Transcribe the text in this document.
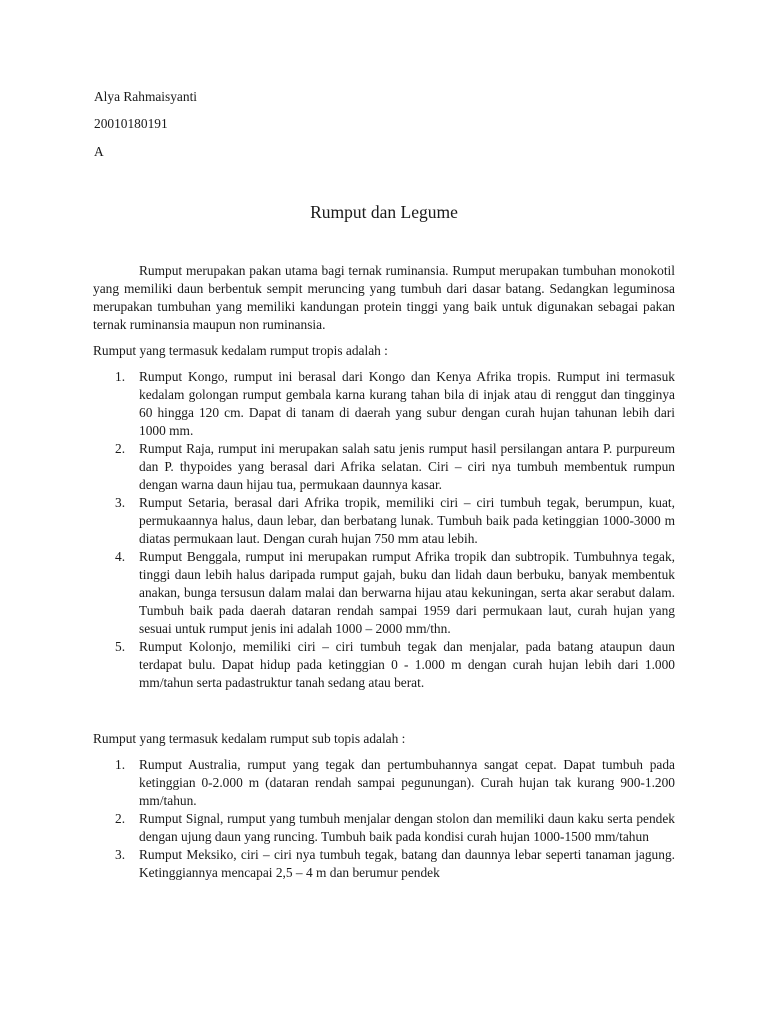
Alya Rahmaisyanti
20010180191
A
Rumput dan Legume

Rumput merupakan pakan utama bagi ternak ruminansia. Rumput merupakan tumbuhan monokotil yang memiliki daun berbentuk sempit meruncing yang tumbuh dari dasar batang. Sedangkan leguminosa merupakan tumbuhan yang memiliki kandungan protein tinggi yang baik untuk digunakan sebagai pakan ternak ruminansia maupun non ruminansia.

Rumput yang termasuk kedalam rumput tropis adalah :

1. Rumput Kongo, rumput ini berasal dari Kongo dan Kenya Afrika tropis. Rumput ini termasuk kedalam golongan rumput gembala karna kurang tahan bila di injak atau di renggut dan tingginya 60 hingga 120 cm. Dapat di tanam di daerah yang subur dengan curah hujan tahunan lebih dari 1000 mm.
2. Rumput Raja, rumput ini merupakan salah satu jenis rumput hasil persilangan antara P. purpureum dan P. thypoides yang berasal dari Afrika selatan. Ciri – ciri nya tumbuh membentuk rumpun dengan warna daun hijau tua, permukaan daunnya kasar.
3. Rumput Setaria, berasal dari Afrika tropik, memiliki ciri – ciri tumbuh tegak, berumpun, kuat, permukaannya halus, daun lebar, dan berbatang lunak. Tumbuh baik pada ketinggian 1000-3000 m diatas permukaan laut. Dengan curah hujan 750 mm atau lebih.
4. Rumput Benggala, rumput ini merupakan rumput Afrika tropik dan subtropik. Tumbuhnya tegak, tinggi daun lebih halus daripada rumput gajah, buku dan lidah daun berbuku, banyak membentuk anakan, bunga tersusun dalam malai dan berwarna hijau atau kekuningan, serta akar serabut dalam. Tumbuh baik pada daerah dataran rendah sampai 1959 dari permukaan laut, curah hujan yang sesuai untuk rumput jenis ini adalah 1000 – 2000 mm/thn.
5. Rumput Kolonjo, memiliki ciri – ciri tumbuh tegak dan menjalar, pada batang ataupun daun terdapat bulu. Dapat hidup pada ketinggian 0 - 1.000 m dengan curah hujan lebih dari 1.000 mm/tahun serta padastruktur tanah sedang atau berat.

Rumput yang termasuk kedalam rumput sub topis adalah :

1. Rumput Australia, rumput yang tegak dan pertumbuhannya sangat cepat. Dapat tumbuh pada ketinggian 0-2.000 m (dataran rendah sampai pegunungan). Curah hujan tak kurang 900-1.200 mm/tahun.
2. Rumput Signal, rumput yang tumbuh menjalar dengan stolon dan memiliki daun kaku serta pendek dengan ujung daun yang runcing. Tumbuh baik pada kondisi curah hujan 1000-1500 mm/tahun
3. Rumput Meksiko, ciri – ciri nya tumbuh tegak, batang dan daunnya lebar seperti tanaman jagung. Ketinggiannya mencapai 2,5 – 4 m dan berumur pendek
